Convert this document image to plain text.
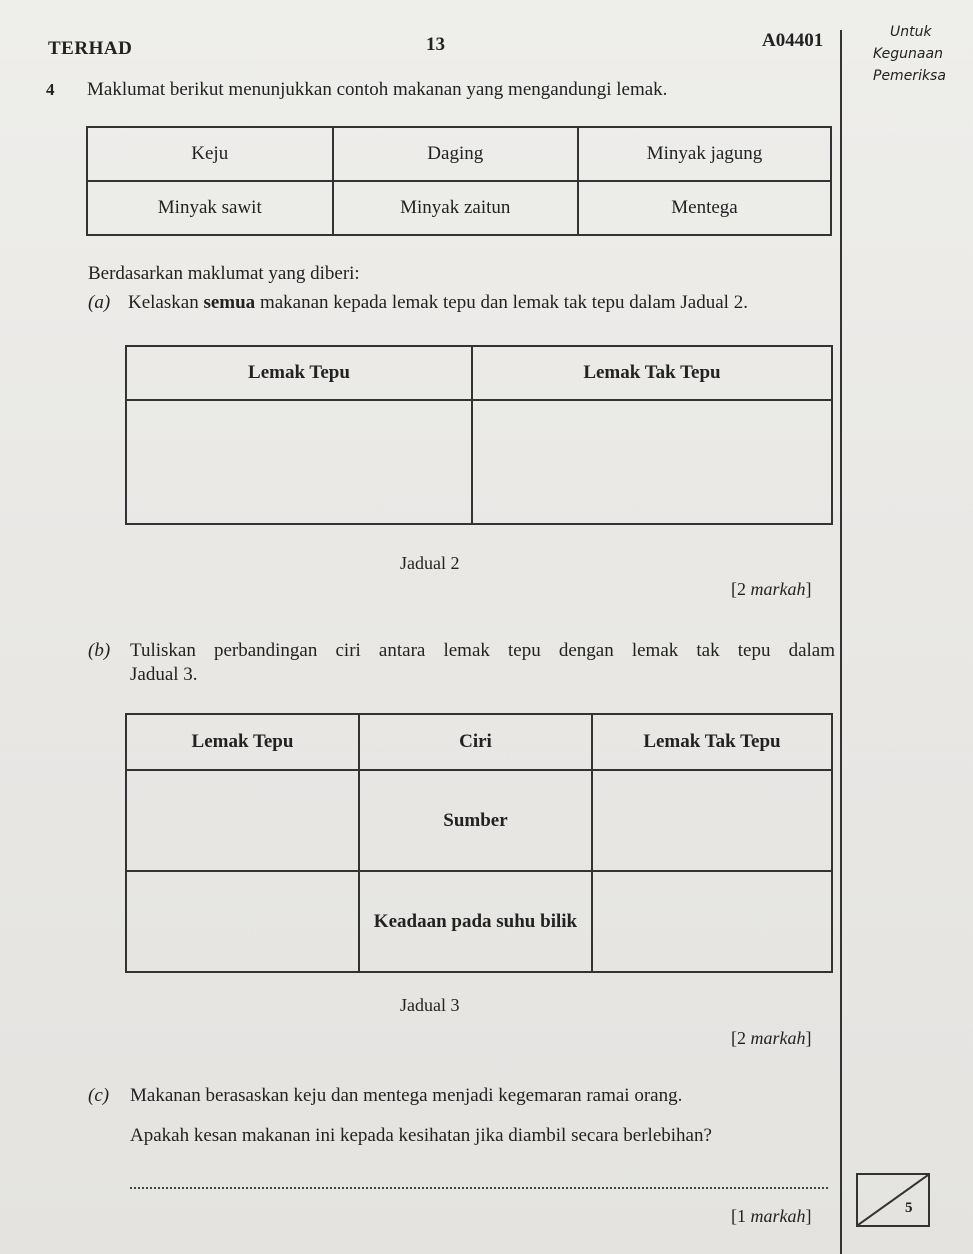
TERHAD	13	A04401	Untuk
Kegunaan
Pemeriksa
4 Maklumat berikut menunjukkan contoh makanan yang mengandungi lemak.
Keju	Daging	Minyak jagung
Minyak sawit	Minyak zaitun	Mentega
Berdasarkan maklumat yang diberi:
(a) Kelaskan semua makanan kepada lemak tepu dan lemak tak tepu dalam Jadual 2.
Lemak Tepu	Lemak Tak Tepu

Jadual 2
[2 markah]
(b) Tuliskan perbandingan ciri antara lemak tepu dengan lemak tak tepu dalam
Jadual 3.
Lemak Tepu	Ciri	Lemak Tak Tepu
	Sumber	
	Keadaan pada suhu bilik	
Jadual 3
[2 markah]
(c) Makanan berasaskan keju dan mentega menjadi kegemaran ramai orang.
Apakah kesan makanan ini kepada kesihatan jika diambil secara berlebihan?
[1 markah]	5
